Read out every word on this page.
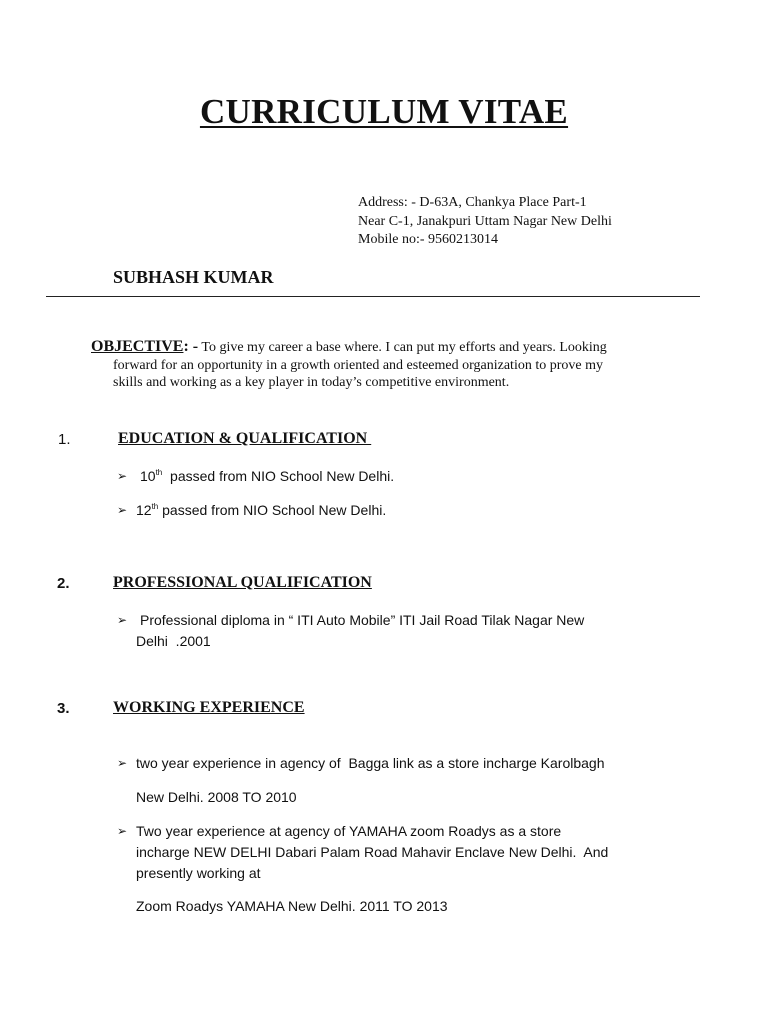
CURRICULUM VITAE
Address: - D-63A, Chankya Place Part-1
Near C-1, Janakpuri Uttam Nagar New Delhi
Mobile no:- 9560213014
SUBHASH KUMAR
OBJECTIVE: - To give my career a base where. I can put my efforts and years. Looking
forward for an opportunity in a growth oriented and esteemed organization to prove my
skills and working as a key player in today’s competitive environment.
1.	EDUCATION & QUALIFICATION
➢ 10th  passed from NIO School New Delhi.
➢ 12th passed from NIO School New Delhi.
2.	PROFESSIONAL QUALIFICATION
➢ Professional diploma in “ ITI Auto Mobile” ITI Jail Road Tilak Nagar New
Delhi  .2001
3.	WORKING EXPERIENCE
➢ two year experience in agency of  Bagga link as a store incharge Karolbagh
New Delhi. 2008 TO 2010
➢ Two year experience at agency of YAMAHA zoom Roadys as a store
incharge NEW DELHI Dabari Palam Road Mahavir Enclave New Delhi.  And
presently working at
Zoom Roadys YAMAHA New Delhi. 2011 TO 2013
